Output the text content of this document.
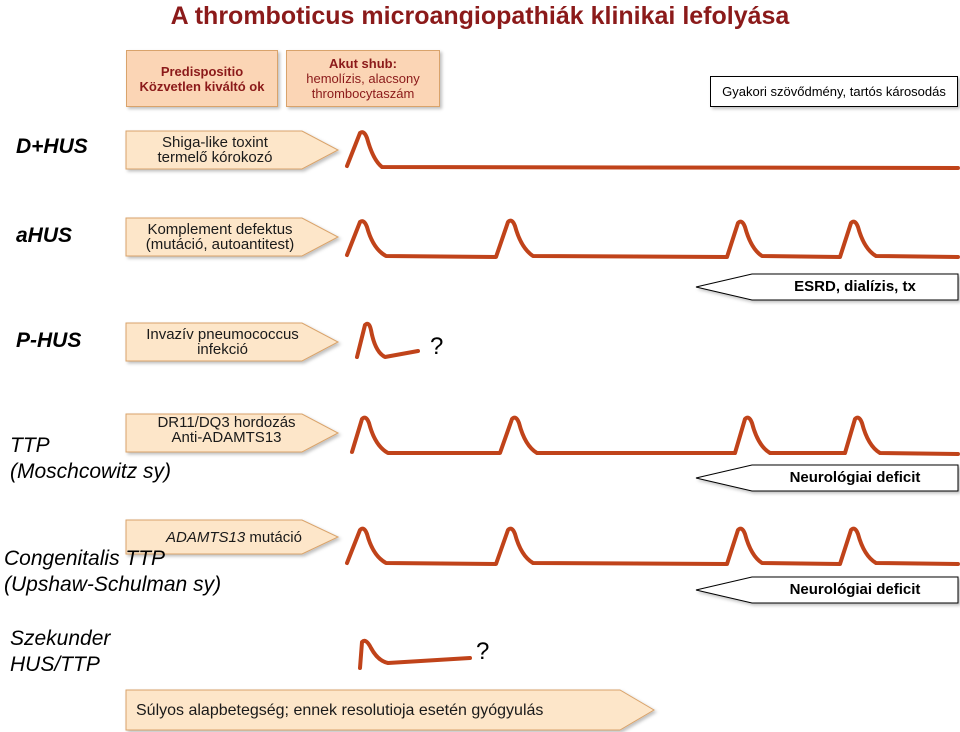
A thromboticus microangiopathiák klinikai lefolyása
Predispositio
Közvetlen kiváltó ok
Akut shub:
hemolízis, alacsony
thrombocytaszám	Gyakori szövődmény, tartós károsodás
D+HUS
aHUS
P-HUS
TTP
(Moschcowitz sy)
Congenitalis TTP
(Upshaw-Schulman sy)
Szekunder
HUS/TTP
Shiga-like toxint
termelő kórokozó
Komplement defektus
(mutáció, autoantitest)
Invazív pneumococcus
infekció
DR11/DQ3 hordozás
Anti-ADAMTS13
ADAMTS13 mutáció
Súlyos alapbetegség; ennek resolutioja esetén gyógyulás
?
?
ESRD, dialízis, tx
Neurológiai deficit
Neurológiai deficit
